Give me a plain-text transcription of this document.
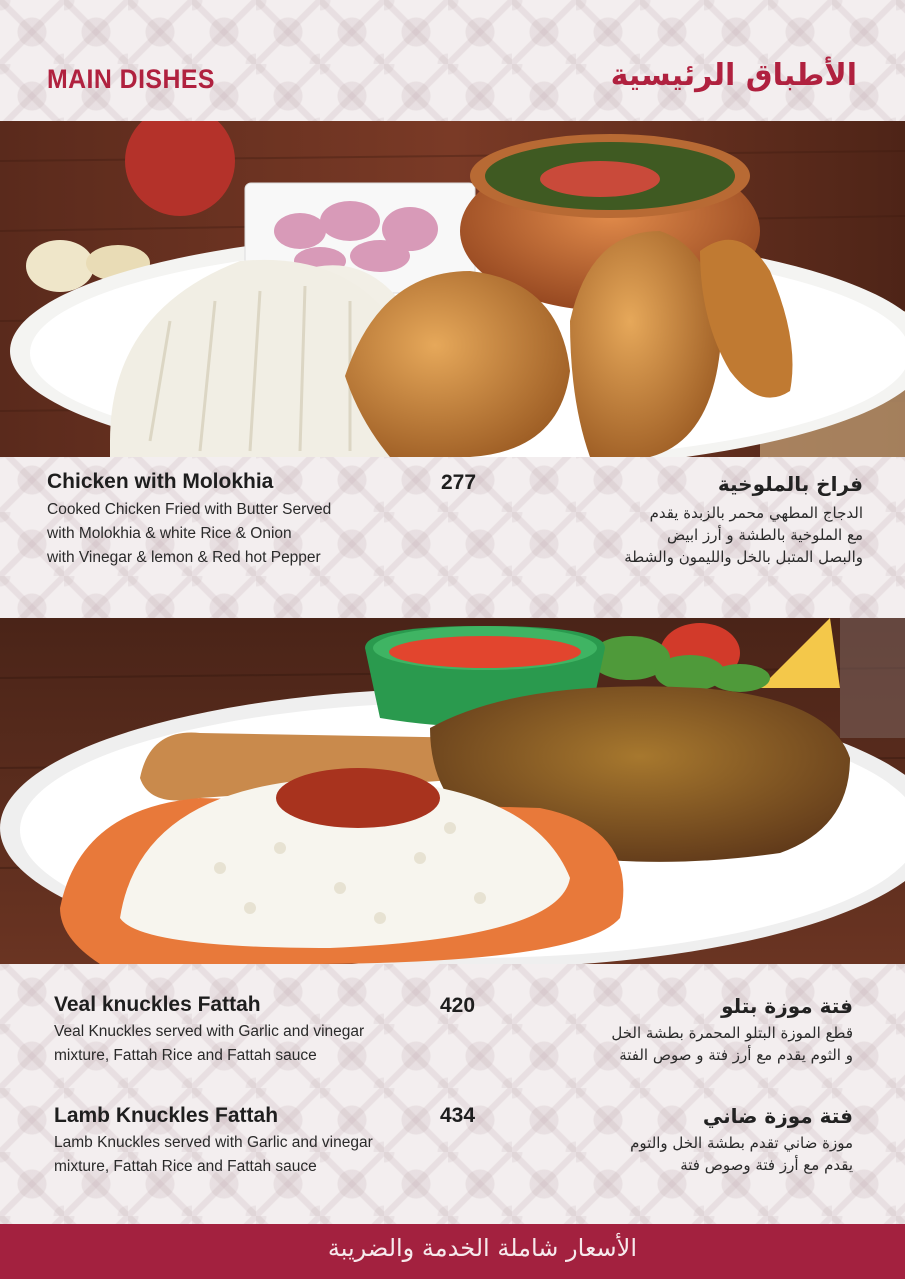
MAIN DISHES	الأطباق الرئيسية
Chicken with Molokhia
Cooked Chicken Fried with Butter Served
with Molokhia & white Rice & Onion
with Vinegar & lemon & Red hot Pepper
277	فراخ بالملوخية
الدجاج المطهي محمر بالزبدة يقدم
مع الملوخية بالطشة و أرز ابيض
والبصل المتبل بالخل والليمون والشطة
Veal knuckles Fattah
Veal Knuckles served with Garlic and vinegar
mixture, Fattah Rice and Fattah sauce
420	فتة موزة بتلو
قطع الموزة البتلو المحمرة بطشة الخل
و الثوم يقدم مع أرز فتة و صوص الفتة
Lamb Knuckles Fattah
Lamb Knuckles served with Garlic and vinegar
mixture, Fattah Rice and Fattah sauce
434	فتة موزة ضاني
موزة ضاني تقدم بطشة الخل والتوم
يقدم مع أرز فتة وصوص فتة
الأسعار شاملة الخدمة والضريبة
